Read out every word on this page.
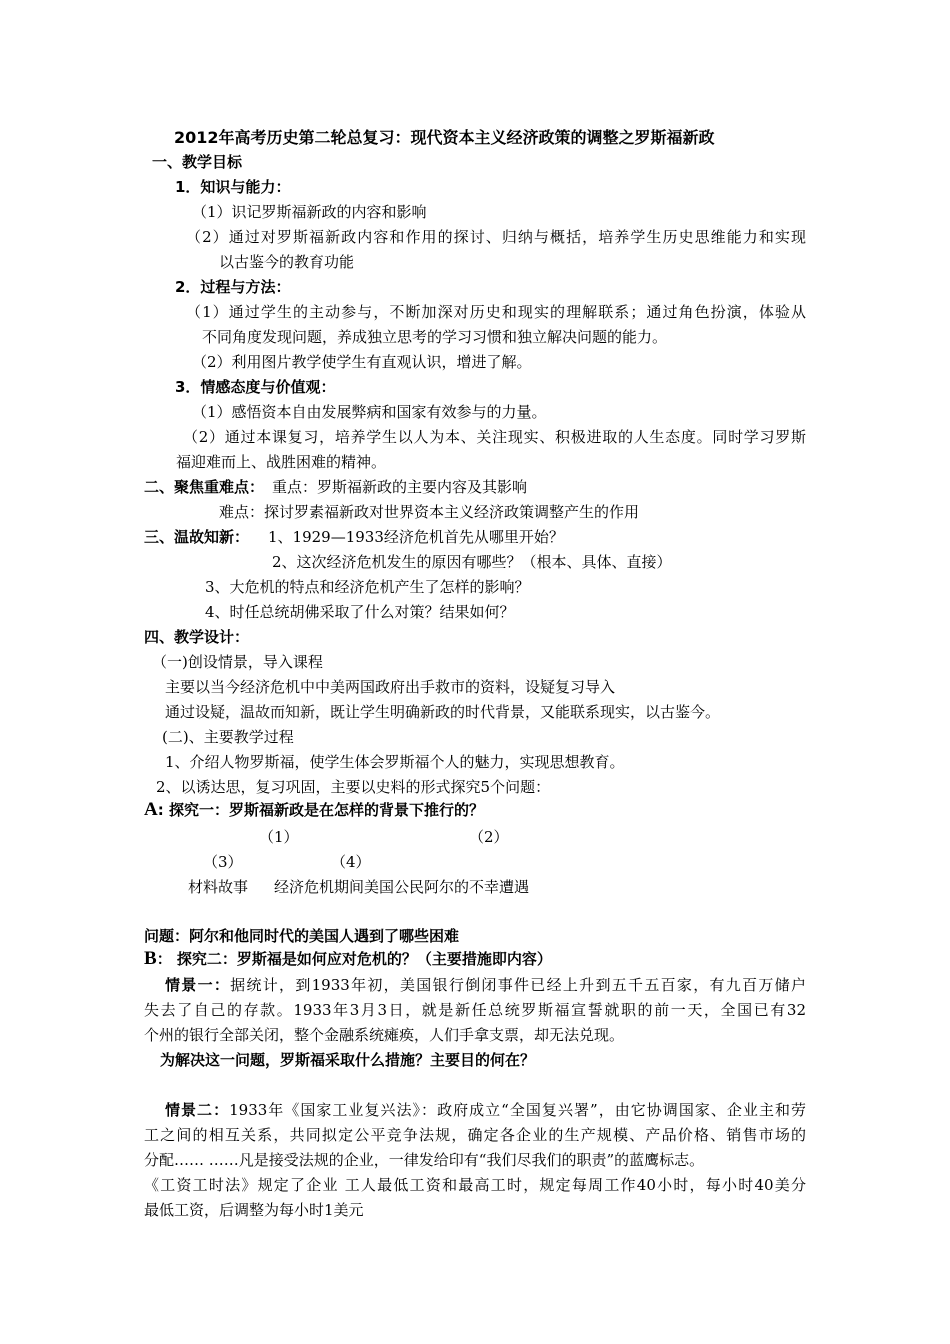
2012年高考历史第二轮总复习：现代资本主义经济政策的调整之罗斯福新政
一、教学目标
1．知识与能力：
（1）识记罗斯福新政的内容和影响
（2）通过对罗斯福新政内容和作用的探讨、归纳与概括，培养学生历史思维能力和实现
以古鉴今的教育功能
2．过程与方法：
（1）通过学生的主动参与，不断加深对历史和现实的理解联系；通过角色扮演，体验从
不同角度发现问题，养成独立思考的学习习惯和独立解决问题的能力。
（2）利用图片教学使学生有直观认识，增进了解。
3．情感态度与价值观：
（1）感悟资本自由发展弊病和国家有效参与的力量。
（2）通过本课复习，培养学生以人为本、关注现实、积极进取的人生态度。同时学习罗斯
福迎难而上、战胜困难的精神。
二、聚焦重难点： 重点：罗斯福新政的主要内容及其影响
难点：探讨罗素福新政对世界资本主义经济政策调整产生的作用
三、温故知新： 1、1929—1933经济危机首先从哪里开始？
2、这次经济危机发生的原因有哪些？（根本、具体、直接）
3、大危机的特点和经济危机产生了怎样的影响？
4、时任总统胡佛采取了什么对策？结果如何？
四、教学设计：
（一)创设情景，导入课程
主要以当今经济危机中中美两国政府出手救市的资料，设疑复习导入
通过设疑，温故而知新，既让学生明确新政的时代背景，又能联系现实，以古鉴今。
(二)、主要教学过程
1、介绍人物罗斯福，使学生体会罗斯福个人的魅力，实现思想教育。
2、以诱达思，复习巩固，主要以史料的形式探究5个问题：
A: 探究一：罗斯福新政是在怎样的背景下推行的？
（1）	（2）
（3）	（4）
材料故事 经济危机期间美国公民阿尔的不幸遭遇
问题：阿尔和他同时代的美国人遇到了哪些困难
B： 探究二：罗斯福是如何应对危机的？（主要措施即内容）
情景一：据统计，到1933年初，美国银行倒闭事件已经上升到五千五百家，有九百万储户
失去了自己的存款。1933年3月3日，就是新任总统罗斯福宣誓就职的前一天，全国已有32
个州的银行全部关闭，整个金融系统瘫痪，人们手拿支票，却无法兑现。
为解决这一问题，罗斯福采取什么措施？主要目的何在？
情景二：1933年《国家工业复兴法》：政府成立“全国复兴署”，由它协调国家、企业主和劳
工之间的相互关系，共同拟定公平竞争法规，确定各企业的生产规模、产品价格、销售市场的
分配…… ……凡是接受法规的企业，一律发给印有“我们尽我们的职责”的蓝鹰标志。
《工资工时法》规定了企业 工人最低工资和最高工时，规定每周工作40小时，每小时40美分
最低工资，后调整为每小时1美元
